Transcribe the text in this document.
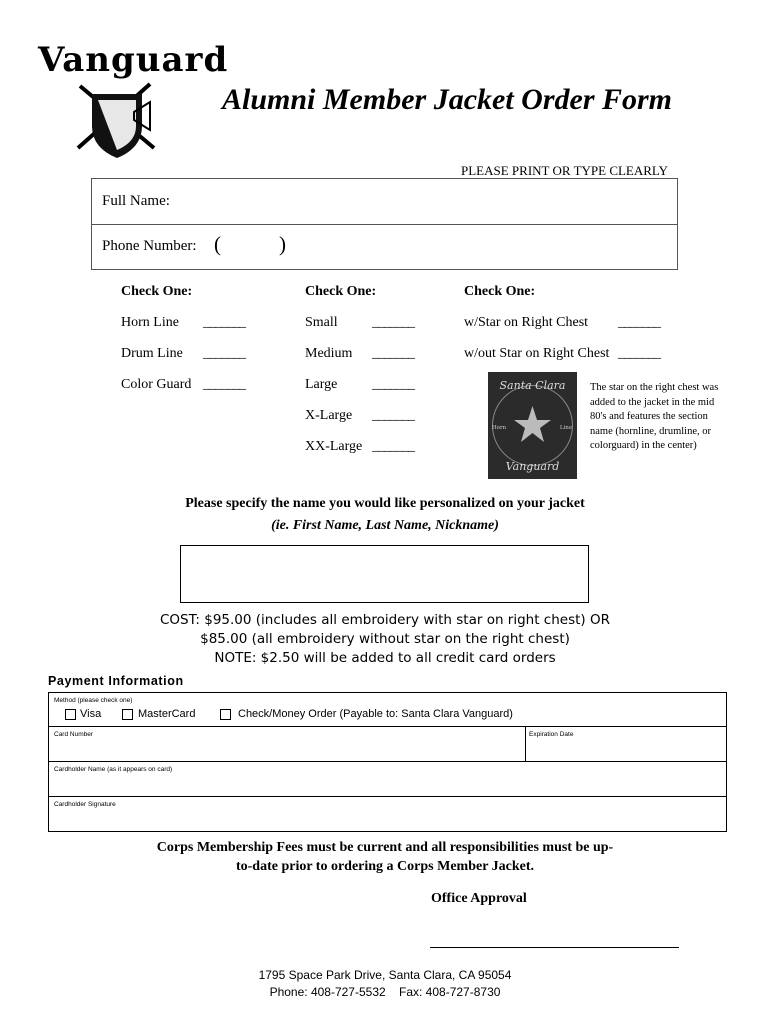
Vanguard
Alumni Member Jacket Order Form
PLEASE PRINT OR TYPE CLEARLY
Full Name:
Phone Number: (	)
Check One:
Horn Line _______
Drum Line _______
Color Guard _______
Check One:
Small _______
Medium _______
Large _______
X-Large _______
XX-Large _______
Check One:
w/Star on Right Chest _______
w/out Star on Right Chest _______
Santa Clara
Vanguard
Horn	Line
The star on the right chest was added to the jacket in the mid 80's and features the section name (hornline, drumline, or colorguard) in the center)
Please specify the name you would like personalized on your jacket
(ie. First Name, Last Name, Nickname)
COST: $95.00 (includes all embroidery with star on right chest) OR
$85.00 (all embroidery without star on the right chest)
NOTE: $2.50 will be added to all credit card orders
Payment Information
Method (please check one)
Visa	MasterCard	Check/Money Order (Payable to: Santa Clara Vanguard)
Card Number	Expiration Date
Cardholder Name (as it appears on card)
Cardholder Signature
Corps Membership Fees must be current and all responsibilities must be up-
to-date prior to ordering a Corps Member Jacket.
Office Approval
1795 Space Park Drive, Santa Clara, CA 95054
Phone: 408-727-5532    Fax: 408-727-8730
